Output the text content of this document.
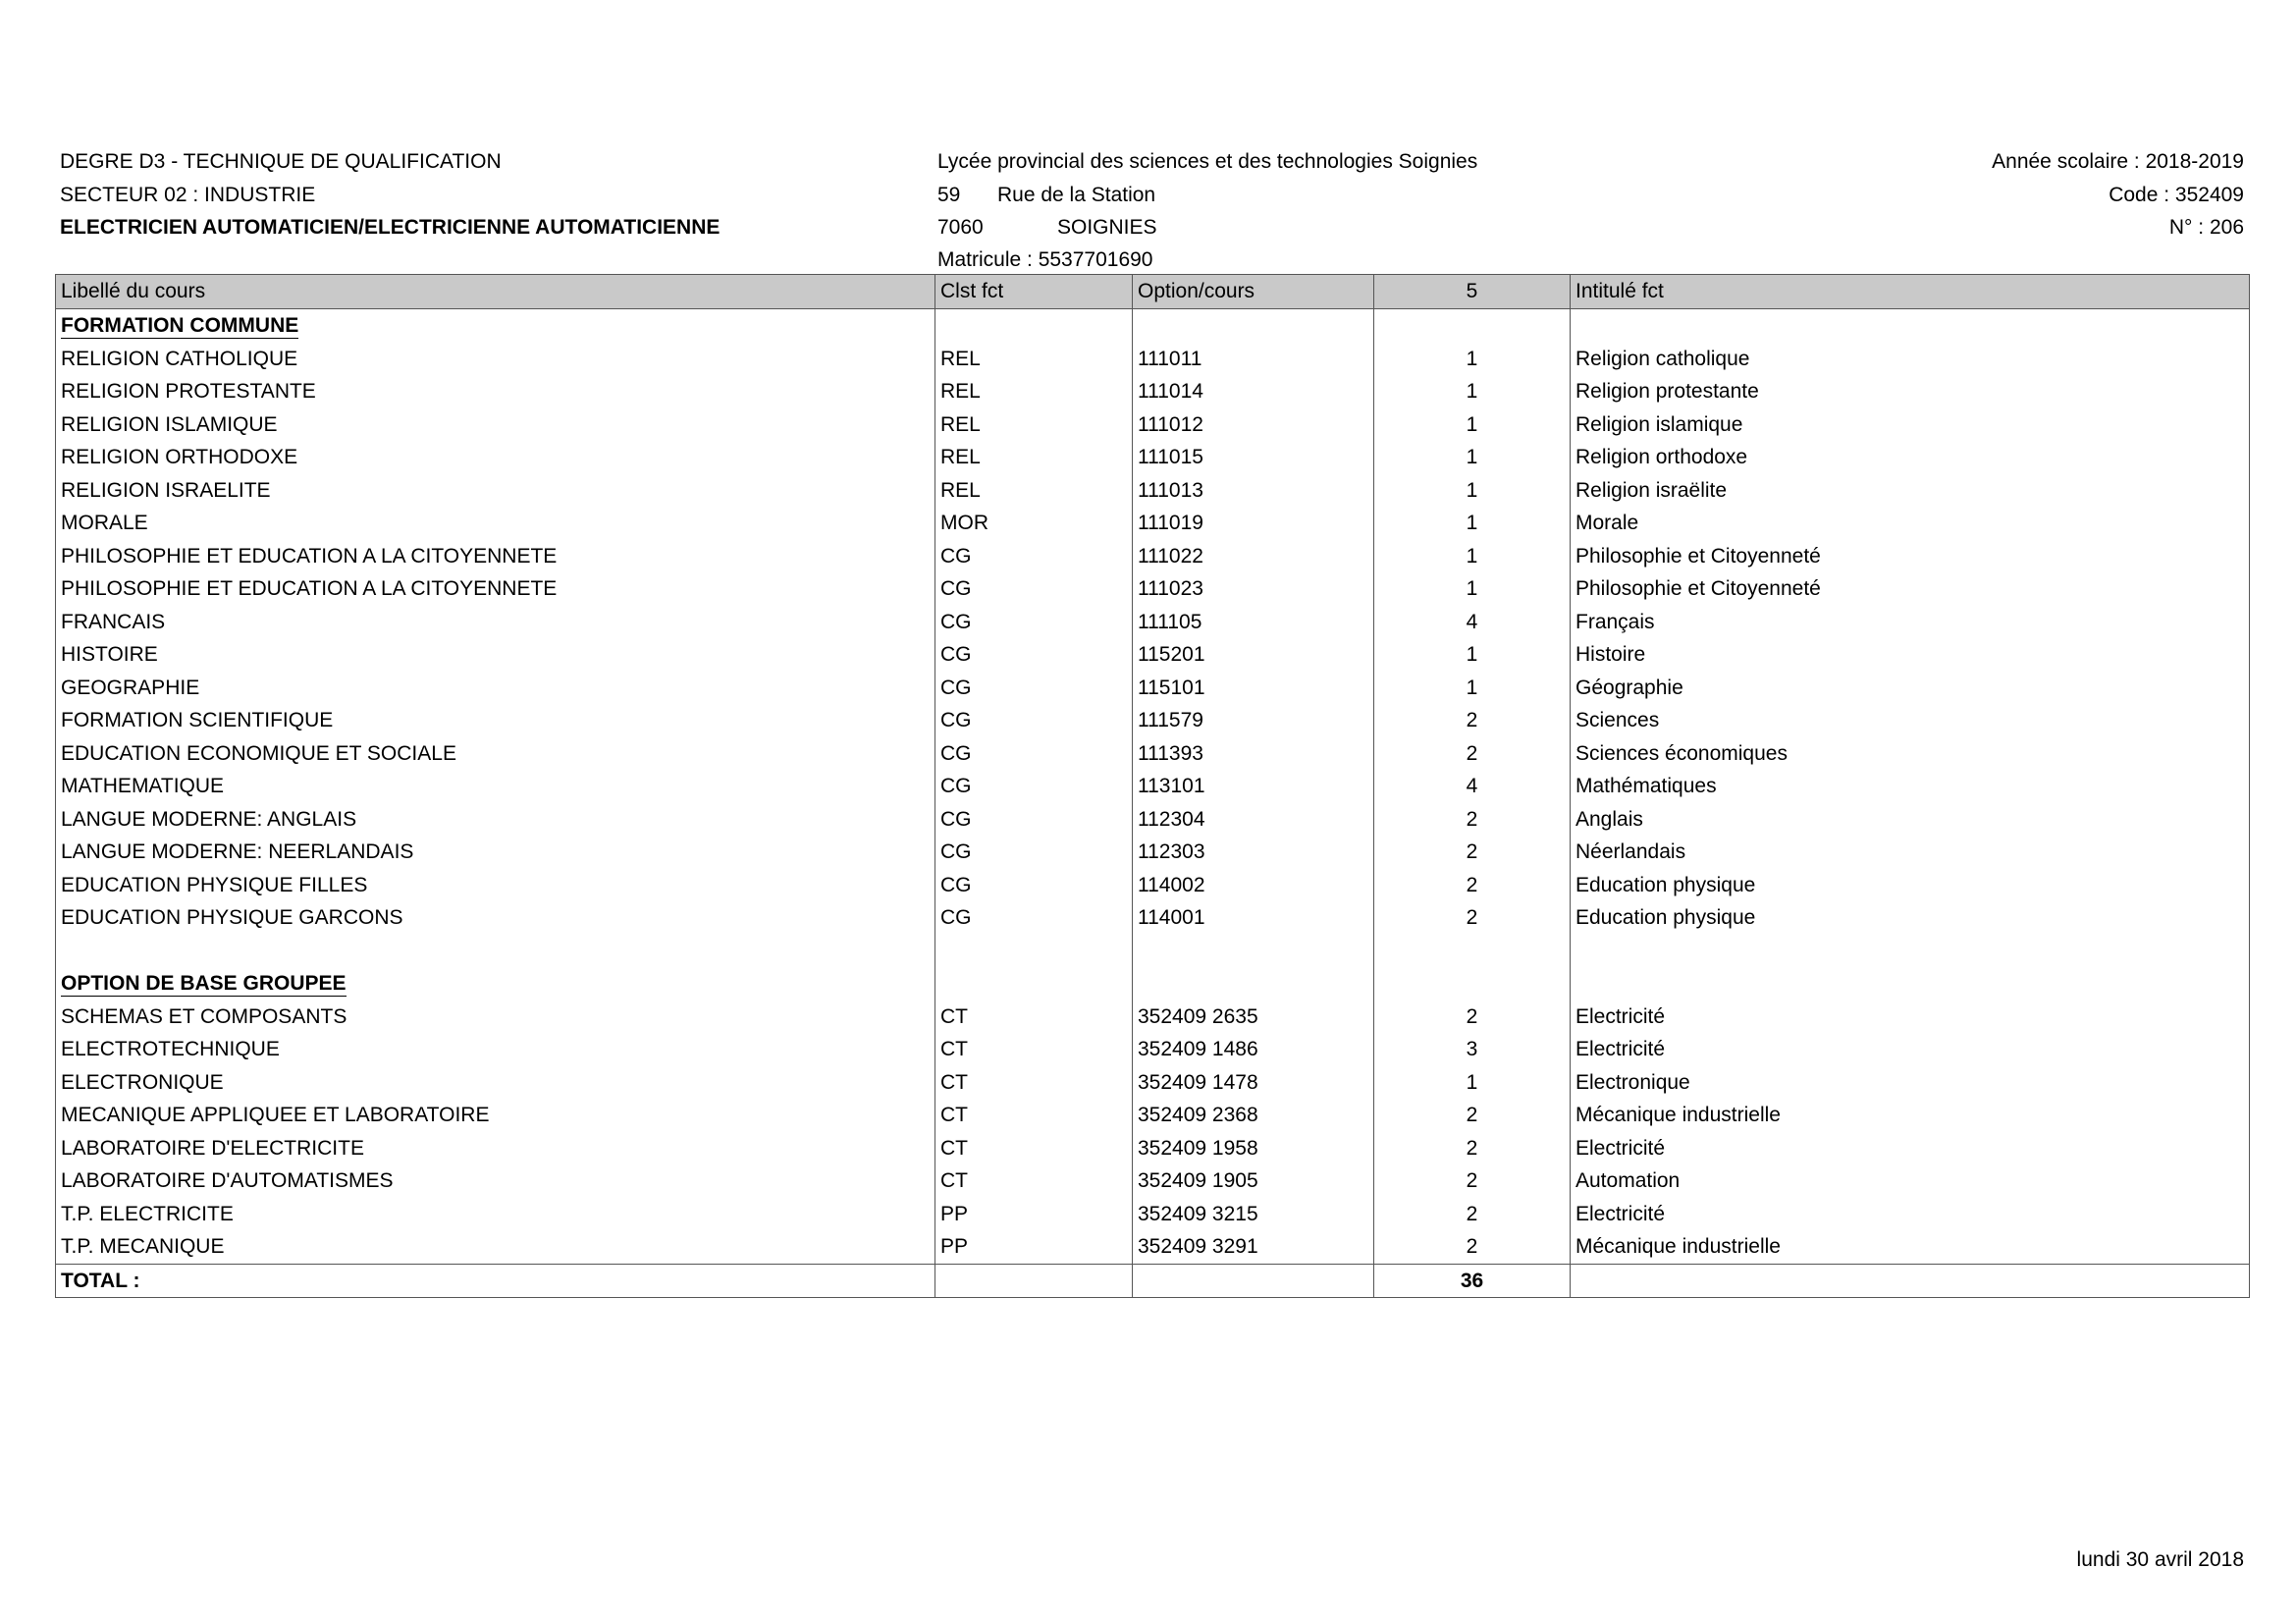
DEGRE D3 - TECHNIQUE DE QUALIFICATION
SECTEUR 02 : INDUSTRIE
ELECTRICIEN AUTOMATICIEN/ELECTRICIENNE AUTOMATICIENNE
Lycée provincial des sciences et des technologies Soignies
59 Rue de la Station
7060	SOIGNIES
Matricule : 5537701690
Année scolaire : 2018-2019
Code : 352409
N° : 206
Libellé du cours	Clst fct	Option/cours	5	Intitulé fct
FORMATION COMMUNE				
RELIGION CATHOLIQUE	REL	111011	1	Religion catholique
RELIGION PROTESTANTE	REL	111014	1	Religion protestante
RELIGION ISLAMIQUE	REL	111012	1	Religion islamique
RELIGION ORTHODOXE	REL	111015	1	Religion orthodoxe
RELIGION ISRAELITE	REL	111013	1	Religion israëlite
MORALE	MOR	111019	1	Morale
PHILOSOPHIE ET EDUCATION A LA CITOYENNETE	CG	111022	1	Philosophie et Citoyenneté
PHILOSOPHIE ET EDUCATION A LA CITOYENNETE	CG	111023	1	Philosophie et Citoyenneté
FRANCAIS	CG	111105	4	Français
HISTOIRE	CG	115201	1	Histoire
GEOGRAPHIE	CG	115101	1	Géographie
FORMATION SCIENTIFIQUE	CG	111579	2	Sciences
EDUCATION ECONOMIQUE ET SOCIALE	CG	111393	2	Sciences économiques
MATHEMATIQUE	CG	113101	4	Mathématiques
LANGUE MODERNE: ANGLAIS	CG	112304	2	Anglais
LANGUE MODERNE: NEERLANDAIS	CG	112303	2	Néerlandais
EDUCATION PHYSIQUE FILLES	CG	114002	2	Education physique
EDUCATION PHYSIQUE GARCONS	CG	114001	2	Education physique

OPTION DE BASE GROUPEE				
SCHEMAS ET COMPOSANTS	CT	352409 2635	2	Electricité
ELECTROTECHNIQUE	CT	352409 1486	3	Electricité
ELECTRONIQUE	CT	352409 1478	1	Electronique
MECANIQUE APPLIQUEE ET LABORATOIRE	CT	352409 2368	2	Mécanique industrielle
LABORATOIRE D'ELECTRICITE	CT	352409 1958	2	Electricité
LABORATOIRE D'AUTOMATISMES	CT	352409 1905	2	Automation
T.P. ELECTRICITE	PP	352409 3215	2	Electricité
T.P. MECANIQUE	PP	352409 3291	2	Mécanique industrielle
TOTAL :			36	
lundi 30 avril 2018
